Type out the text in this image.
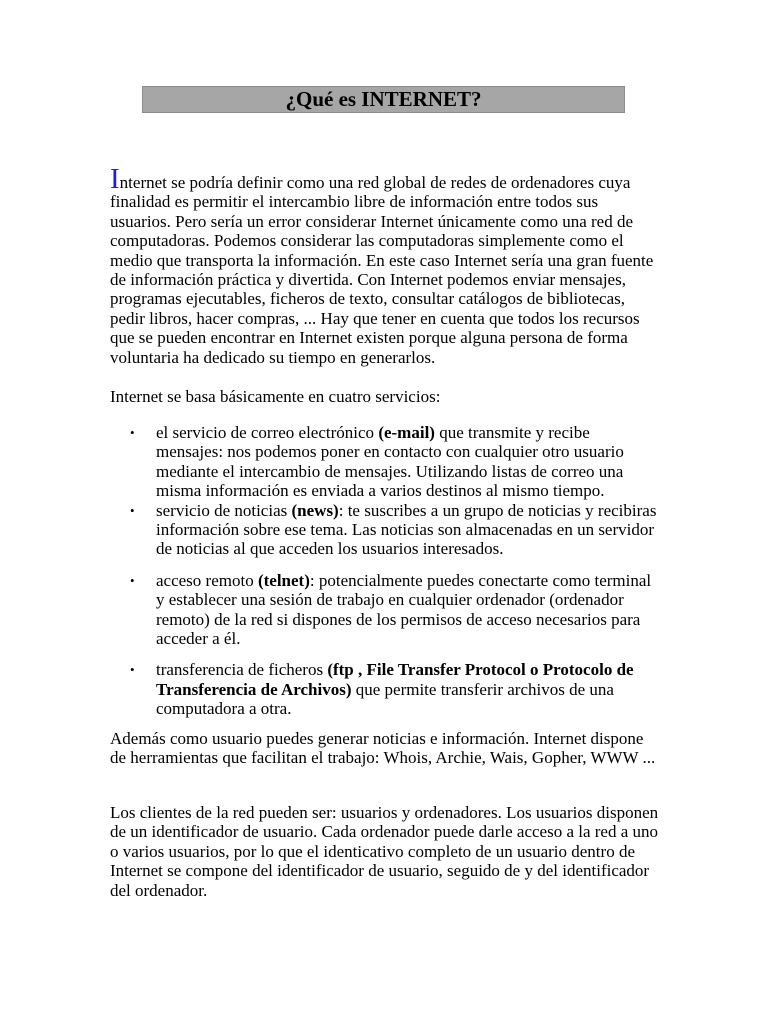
¿Qué es INTERNET?
Internet se podría definir como una red global de redes de ordenadores cuya finalidad es permitir el intercambio libre de información entre todos sus usuarios. Pero sería un error considerar Internet únicamente como una red de computadoras. Podemos considerar las computadoras simplemente como el medio que transporta la información. En este caso Internet sería una gran fuente de información práctica y divertida. Con Internet podemos enviar mensajes, programas ejecutables, ficheros de texto, consultar catálogos de bibliotecas, pedir libros, hacer compras, ... Hay que tener en cuenta que todos los recursos que se pueden encontrar en Internet existen porque alguna persona de forma voluntaria ha dedicado su tiempo en generarlos.
Internet se basa básicamente en cuatro servicios:
• el servicio de correo electrónico (e-mail) que transmite y recibe mensajes: nos podemos poner en contacto con cualquier otro usuario mediante el intercambio de mensajes. Utilizando listas de correo una misma información es enviada a varios destinos al mismo tiempo.
• servicio de noticias (news): te suscribes a un grupo de noticias y recibiras información sobre ese tema. Las noticias son almacenadas en un servidor de noticias al que acceden los usuarios interesados.
• acceso remoto (telnet): potencialmente puedes conectarte como terminal y establecer una sesión de trabajo en cualquier ordenador (ordenador remoto) de la red si dispones de los permisos de acceso necesarios para acceder a él.
• transferencia de ficheros (ftp , File Transfer Protocol o Protocolo de Transferencia de Archivos) que permite transferir archivos de una computadora a otra.
Además como usuario puedes generar noticias e información. Internet dispone de herramientas que facilitan el trabajo: Whois, Archie, Wais, Gopher, WWW ...
Los clientes de la red pueden ser: usuarios y ordenadores. Los usuarios disponen de un identificador de usuario. Cada ordenador puede darle acceso a la red a uno o varios usuarios, por lo que el identicativo completo de un usuario dentro de Internet se compone del identificador de usuario, seguido de y del identificador del ordenador.
